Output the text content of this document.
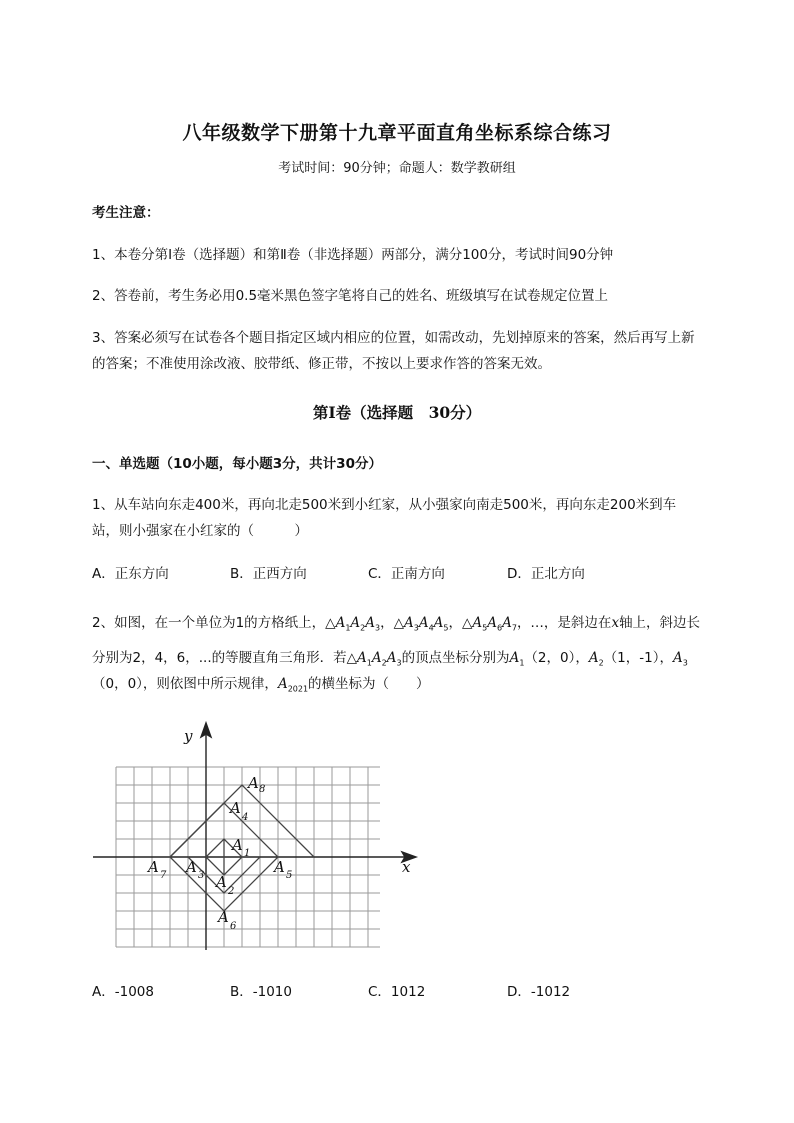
八年级数学下册第十九章平面直角坐标系综合练习
考试时间：90分钟；命题人：数学教研组
考生注意：
1、本卷分第I卷（选择题）和第Ⅱ卷（非选择题）两部分，满分100分，考试时间90分钟
2、答卷前，考生务必用0.5毫米黑色签字笔将自己的姓名、班级填写在试卷规定位置上
3、答案必须写在试卷各个题目指定区域内相应的位置，如需改动，先划掉原来的答案，然后再写上新
的答案；不准使用涂改液、胶带纸、修正带，不按以上要求作答的答案无效。
第I卷（选择题　30分）
一、单选题（10小题，每小题3分，共计30分）
1、从车站向东走400米，再向北走500米到小红家，从小强家向南走500米，再向东走200米到车
站，则小强家在小红家的（　　　）
A．正东方向	B．正西方向	C．正南方向	D．正北方向
2、如图，在一个单位为1的方格纸上，$\triangle A_1A_2A_3$，$\triangle A_3A_4A_5$，$\triangle A_5A_6A_7$，…，是斜边在x轴上，斜边长
分别为2，4，6，...的等腰直角三角形．若$\triangle A_1A_2A_3$的顶点坐标分别为$A_1(2$，0），$A_2(1$，-1），$A_3$
（0，0），则依图中所示规律，$A_{2021}$的横坐标为（　　）
y
x
A 8
A
4
A 1
A 7 A 3	A 5
A
2
A
6
A．-1008	B．-1010	C．1012	D．-1012
